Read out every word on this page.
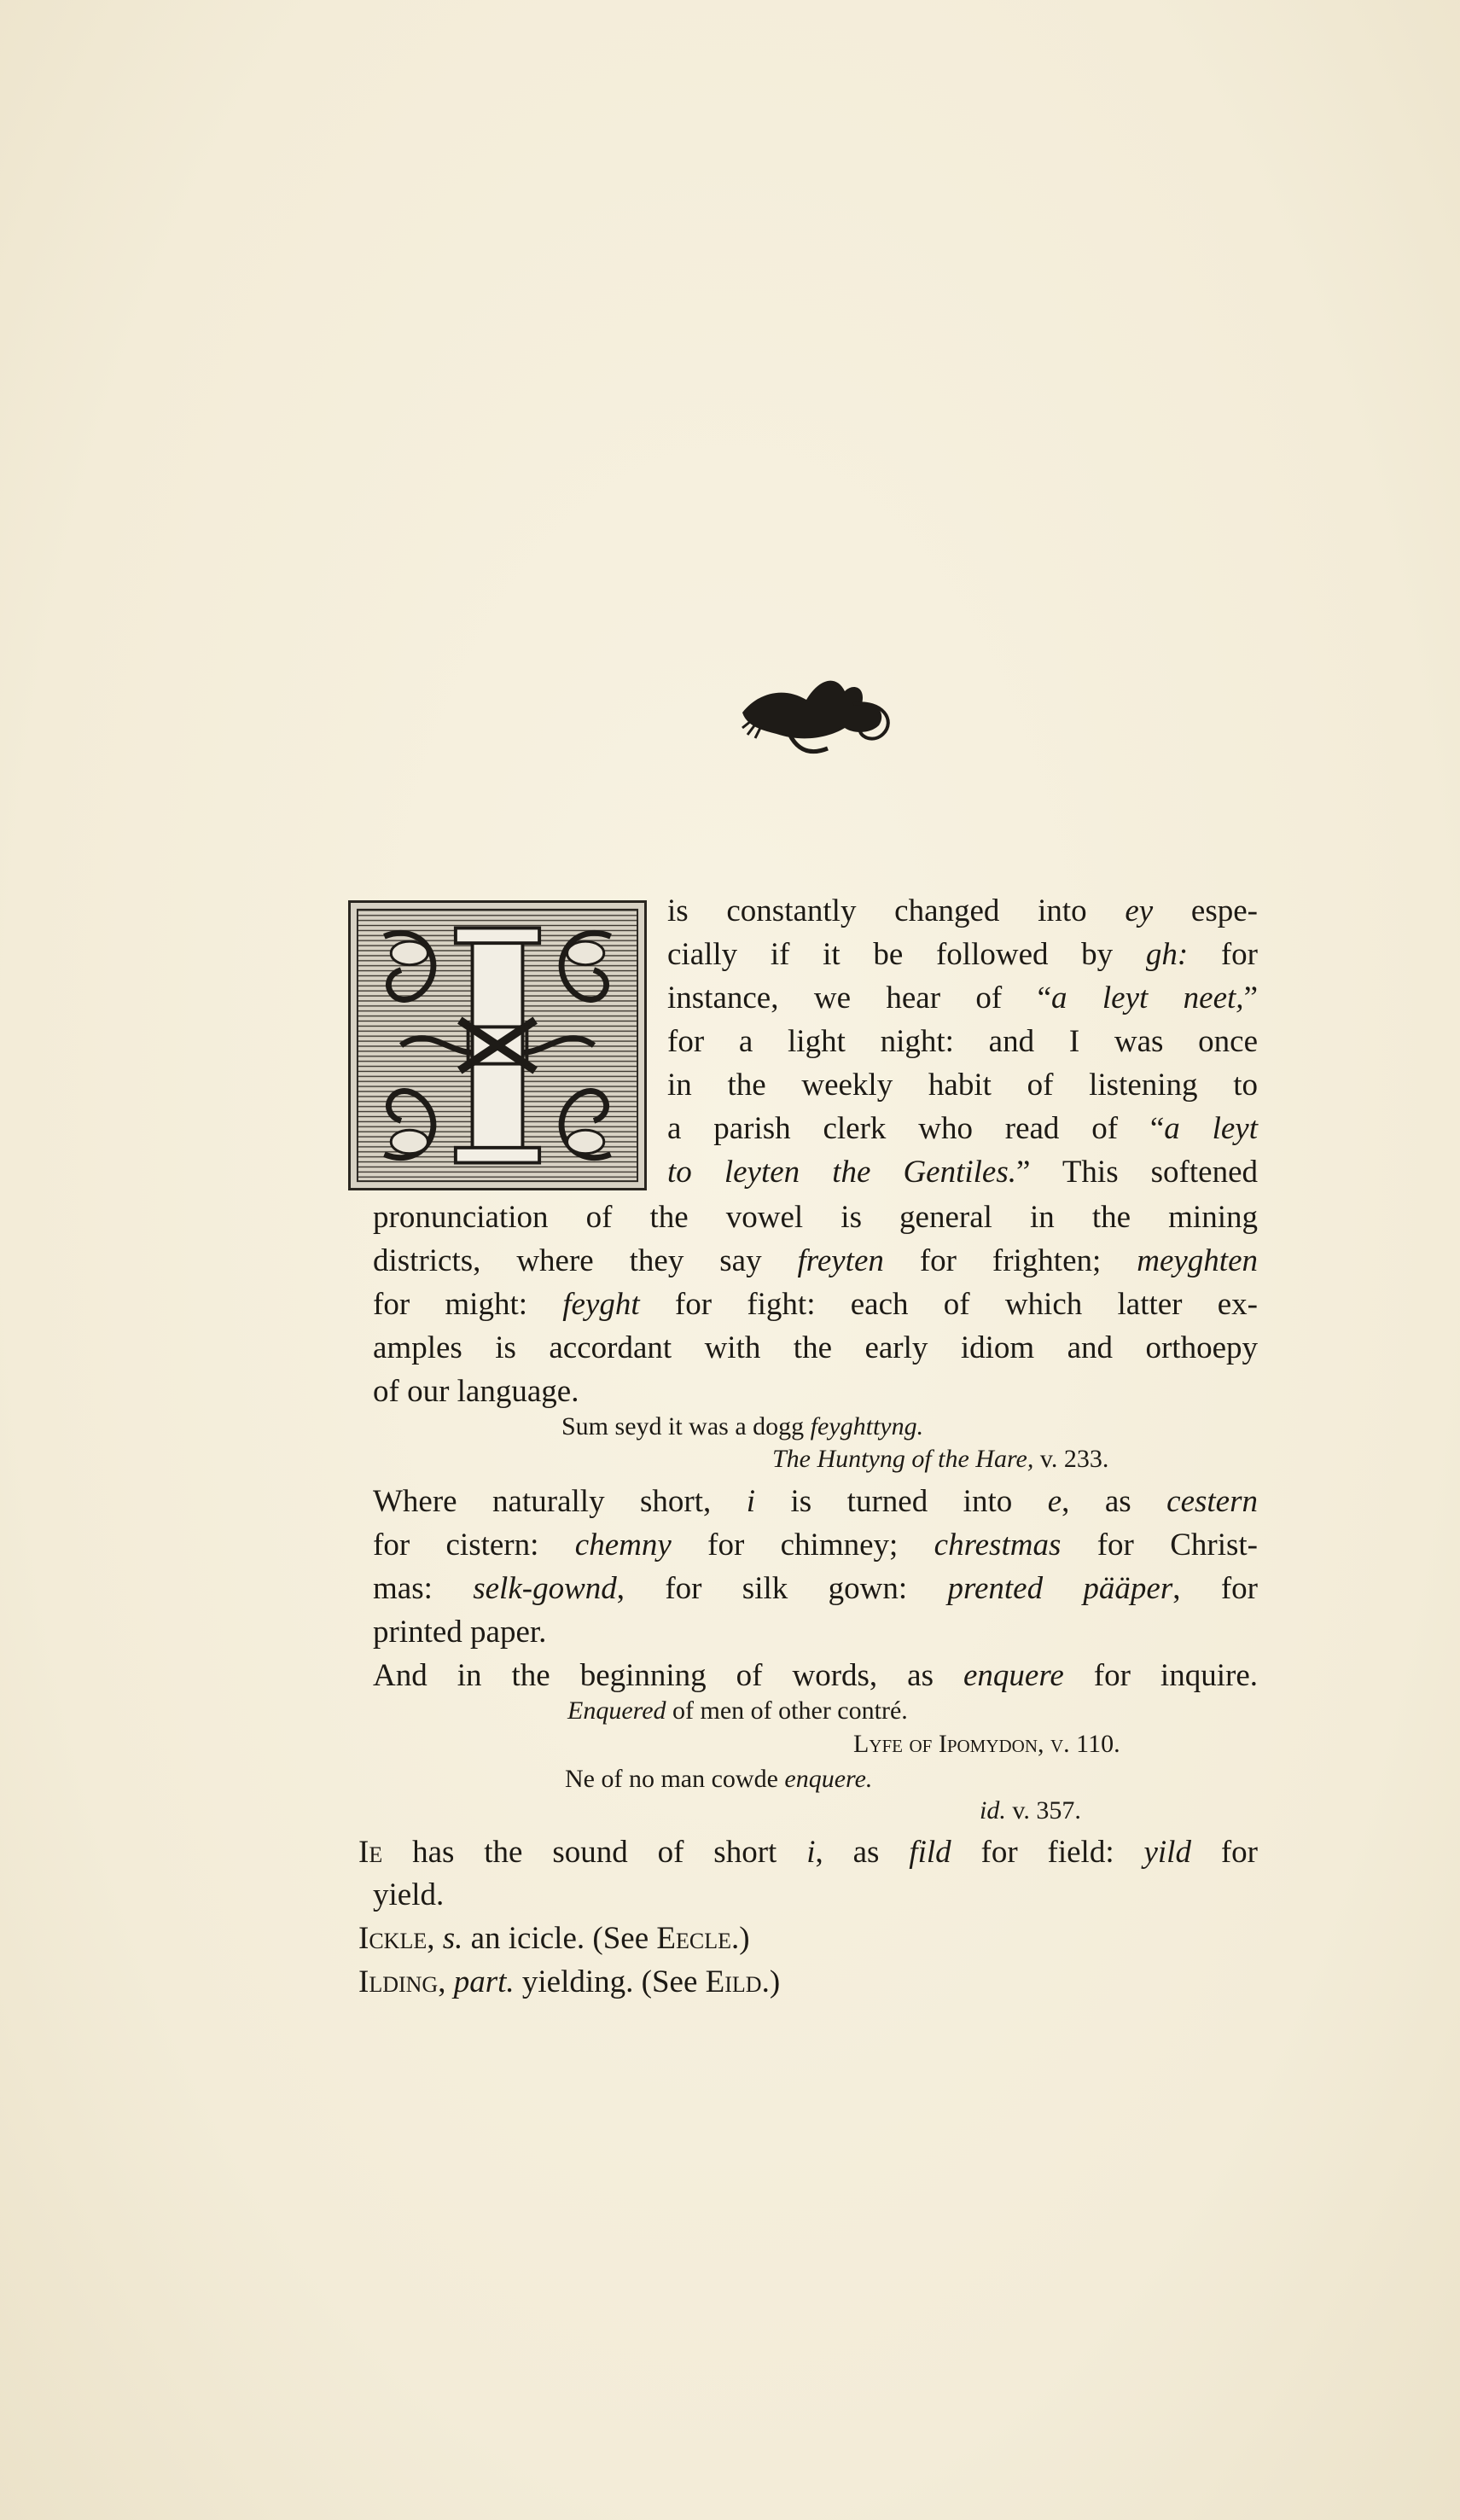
is constantly changed into ey espe-
cially if it be followed by gh: for
instance, we hear of “a leyt neet,”
for a light night: and I was once
in the weekly habit of listening to
a parish clerk who read of “a leyt
to leyten the Gentiles.” This softened
pronunciation of the vowel is general in the mining
districts, where they say freyten for frighten; meyghten
for might: feyght for fight: each of which latter ex-
amples is accordant with the early idiom and orthoepy
of our language.
Sum seyd it was a dogg feyghttyng.
The Huntyng of the Hare, v. 233.
Where naturally short, i is turned into e, as cestern
for cistern: chemny for chimney; chrestmas for Christ-
mas: selk-gownd, for silk gown: prented pääper, for
printed paper.
And in the beginning of words, as enquere for inquire.
Enquered of men of other contré.
Lyfe of Ipomydon, v. 110.
Ne of no man cowde enquere.
id. v. 357.
Ie has the sound of short i, as fild for field: yild for
yield.
Ickle, s. an icicle. (See Eecle.)
Ilding, part. yielding. (See Eild.)
